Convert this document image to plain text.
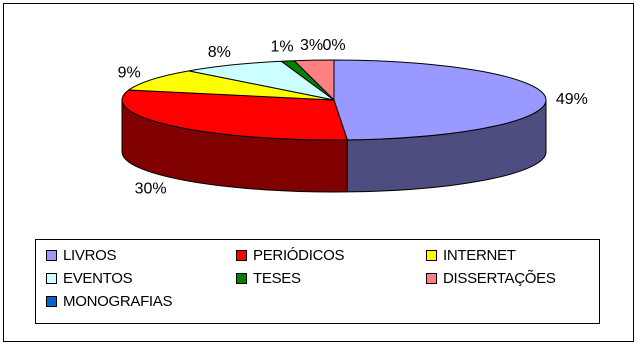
49%
30%
9%
8% 1% 3% 0%
LIVROS	PERIÓDICOS	INTERNET
EVENTOS	TESES	DISSERTAÇÕES
MONOGRAFIAS
